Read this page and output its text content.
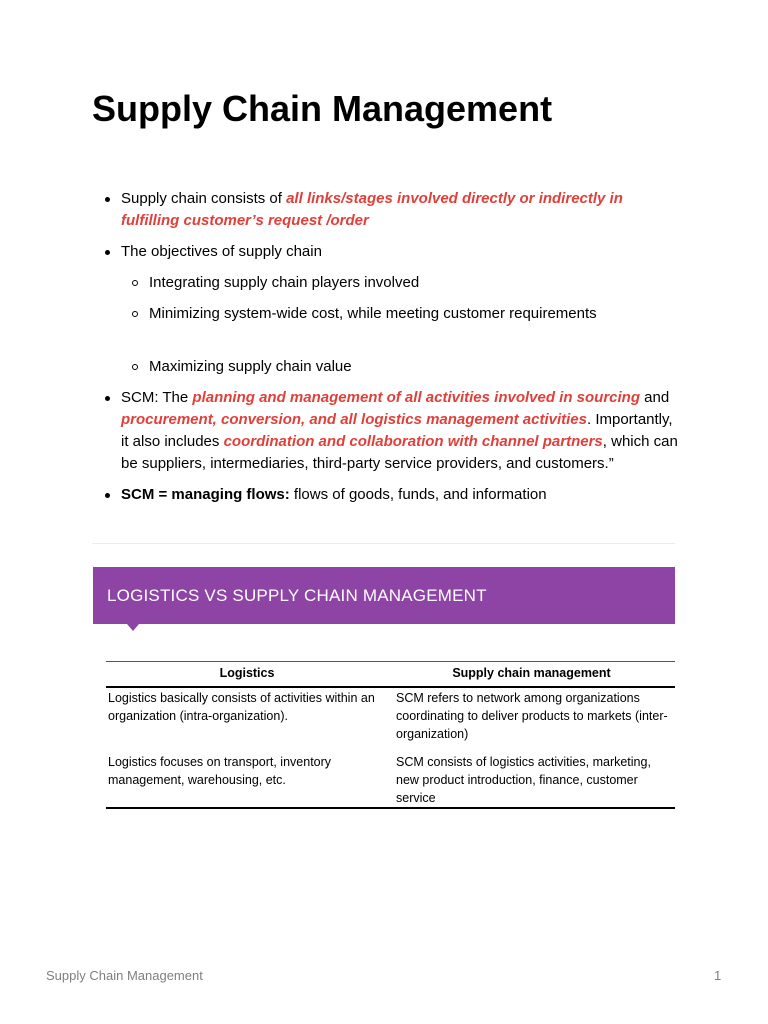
Supply Chain Management
Supply chain consists of all links/stages involved directly or indirectly in fulfilling customer’s request /order
The objectives of supply chain
Integrating supply chain players involved
Minimizing system-wide cost, while meeting customer requirements
Maximizing supply chain value
SCM: The planning and management of all activities involved in sourcing and procurement, conversion, and all logistics management activities. Importantly, it also includes coordination and collaboration with channel partners, which can be suppliers, intermediaries, third-party service providers, and customers.”
SCM = managing flows: flows of goods, funds, and information
LOGISTICS VS SUPPLY CHAIN MANAGEMENT
Logistics	Supply chain management
Logistics basically consists of activities within an organization (intra-organization).	SCM refers to network among organizations coordinating to deliver products to markets (inter-organization)
Logistics focuses on transport, inventory management, warehousing, etc.	SCM consists of logistics activities, marketing, new product introduction, finance, customer service
Supply Chain Management	1
